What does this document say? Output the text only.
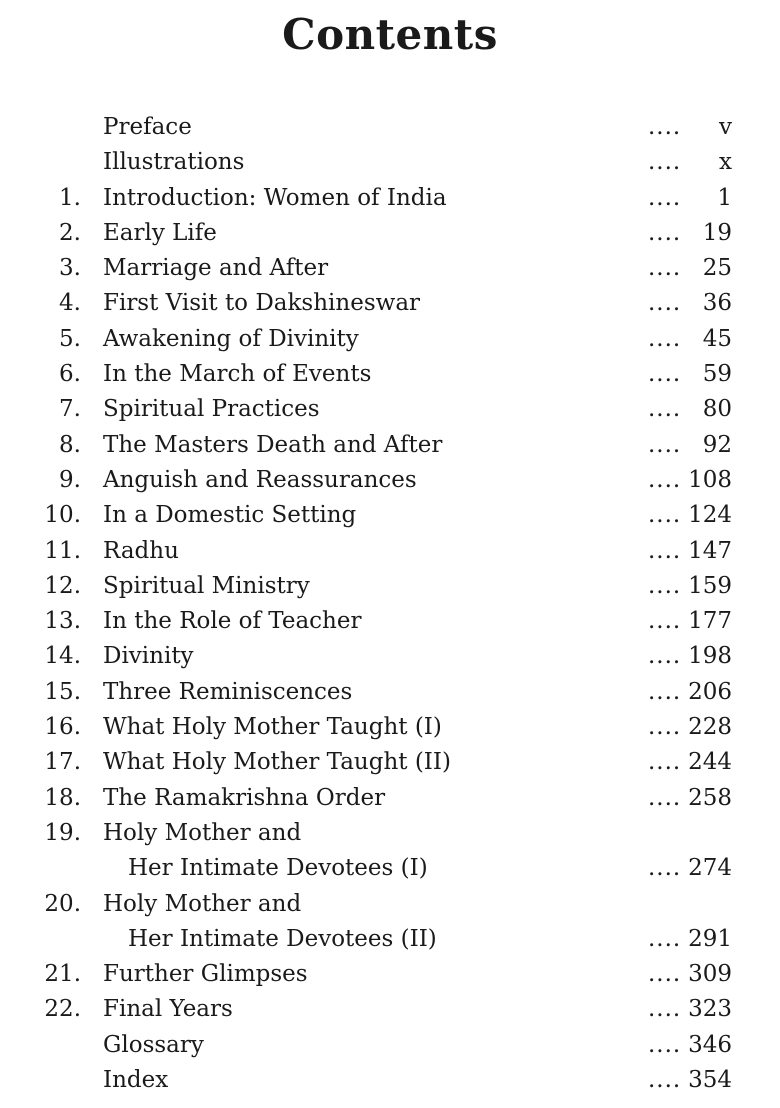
Contents
Preface	.... v
Illustrations	.... x
1. Introduction: Women of India	.... 1
2. Early Life	.... 19
3. Marriage and After	.... 25
4. First Visit to Dakshineswar	.... 36
5. Awakening of Divinity	.... 45
6. In the March of Events	.... 59
7. Spiritual Practices	.... 80
8. The Masters Death and After	.... 92
9. Anguish and Reassurances	.... 108
10. In a Domestic Setting	.... 124
11. Radhu	.... 147
12. Spiritual Ministry	.... 159
13. In the Role of Teacher	.... 177
14. Divinity	.... 198
15. Three Reminiscences	.... 206
16. What Holy Mother Taught (I)	.... 228
17. What Holy Mother Taught (II)	.... 244
18. The Ramakrishna Order	.... 258
19. Holy Mother and
Her Intimate Devotees (I)	.... 274
20. Holy Mother and
Her Intimate Devotees (II)	.... 291
21. Further Glimpses	.... 309
22. Final Years	.... 323
Glossary	.... 346
Index	.... 354
